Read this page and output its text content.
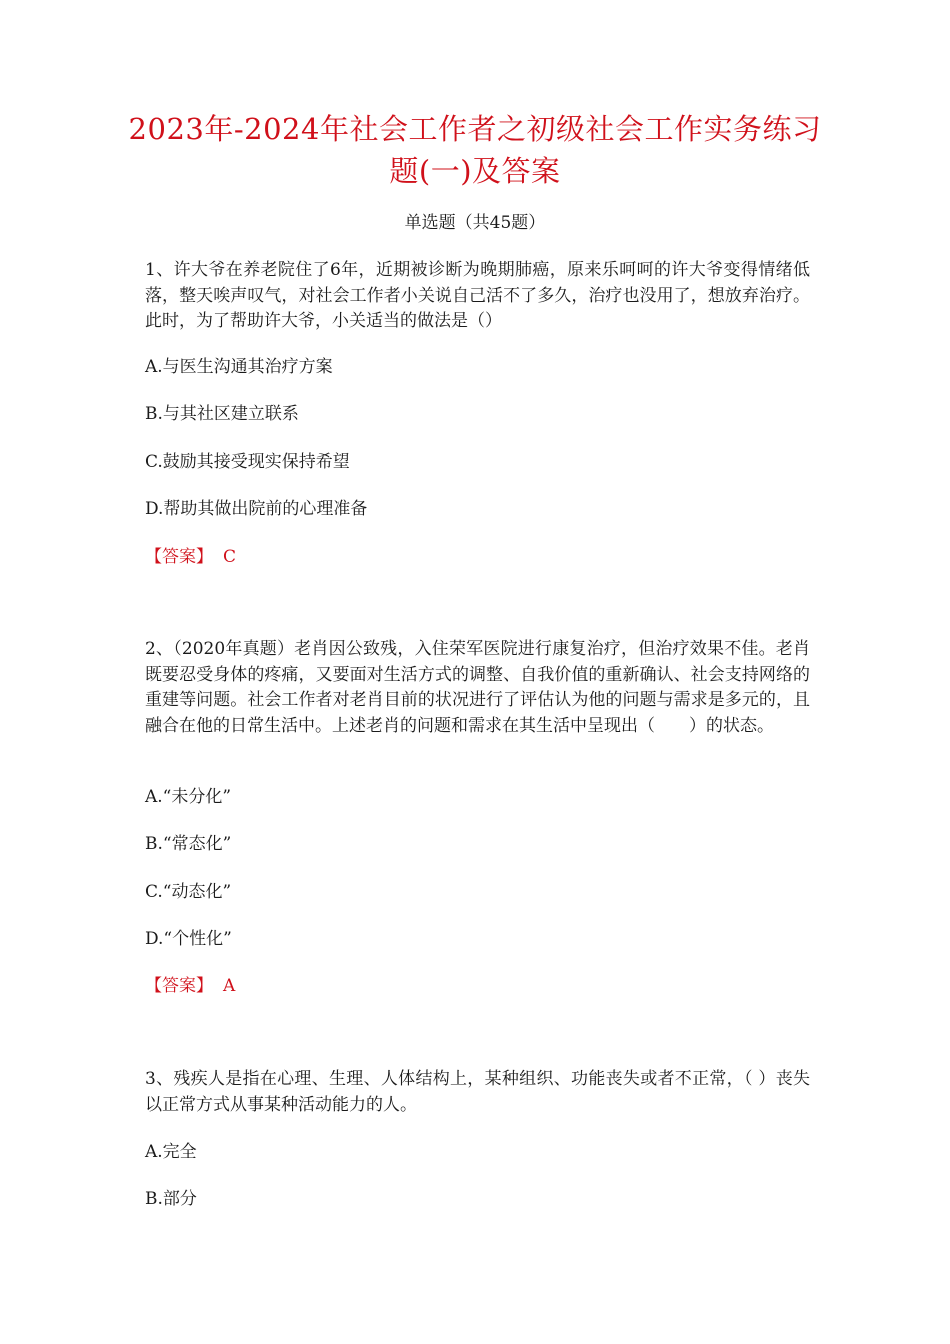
2023年-2024年社会工作者之初级社会工作实务练习题(一)及答案
单选题（共45题）
1、许大爷在养老院住了6年，近期被诊断为晚期肺癌，原来乐呵呵的许大爷变得情绪低落，整天唉声叹气，对社会工作者小关说自己活不了多久，治疗也没用了，想放弃治疗。此时，为了帮助许大爷，小关适当的做法是（）
A.与医生沟通其治疗方案
B.与其社区建立联系
C.鼓励其接受现实保持希望
D.帮助其做出院前的心理准备
【答案】 C
2、（2020年真题）老肖因公致残，入住荣军医院进行康复治疗，但治疗效果不佳。老肖既要忍受身体的疼痛，又要面对生活方式的调整、自我价值的重新确认、社会支持网络的重建等问题。社会工作者对老肖目前的状况进行了评估认为他的问题与需求是多元的，且融合在他的日常生活中。上述老肖的问题和需求在其生活中呈现出（　　）的状态。
A.“未分化”
B.“常态化”
C.“动态化”
D.“个性化”
【答案】 A
3、残疾人是指在心理、生理、人体结构上，某种组织、功能丧失或者不正常，（ ）丧失以正常方式从事某种活动能力的人。
A.完全
B.部分
